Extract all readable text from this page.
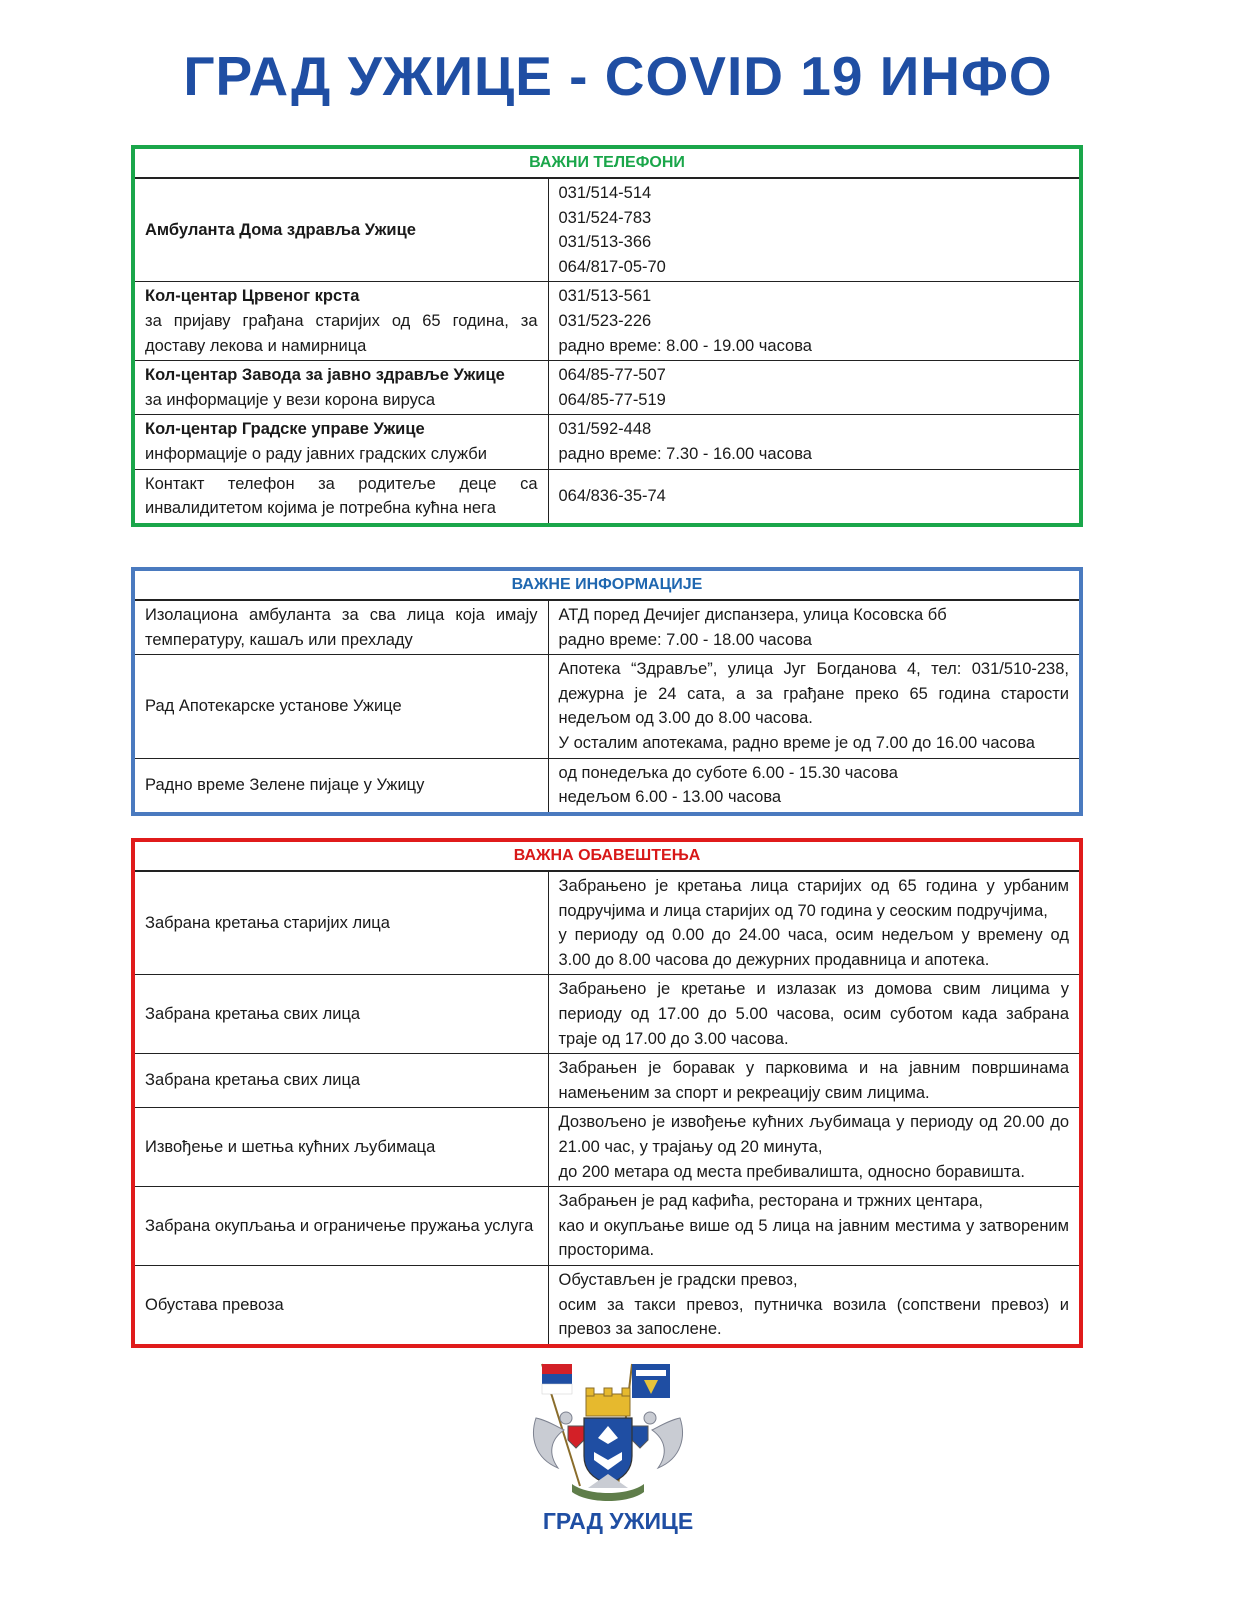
ГРАД УЖИЦЕ - COVID 19 ИНФО
ВАЖНИ ТЕЛЕФОНИ	
Амбуланта Дома здравља Ужице	031/514-514
031/524-783
031/513-366
064/817-05-70

Кол-центар Црвеног крста
за пријаву грађана старијих од 65 година, за доставу лекова и намирница	031/513-561
031/523-226
радно време: 8.00 - 19.00 часова

Кол-центар Завода за јавно здравље Ужице
за информације у вези корона вируса	064/85-77-507
064/85-77-519

Кол-центар Градске управе Ужице
информације о раду јавних градских служби	031/592-448
радно време: 7.30 - 16.00 часова

Контакт телефон за родитеље деце са инвалидитетом којима је потребна кућна нега	064/836-35-74
ВАЖНЕ ИНФОРМАЦИЈЕ	
Изолациона амбуланта за сва лица која имају температуру, кашаљ или прехладу	АТД поред Дечијег диспанзера, улица Косовска бб
радно време: 7.00 - 18.00 часова

Рад Апотекарске установе Ужице	Апотека “Здравље”, улица Југ Богданова 4, тел: 031/510-238, дежурна је 24 сата, а за грађане преко 65 година старости недељом од 3.00 до 8.00 часова.
У осталим апотекама, радно време је од 7.00 до 16.00 часова

Радно време Зелене пијаце у Ужицу	од понедељка до суботе 6.00 - 15.30 часова
недељом 6.00 - 13.00 часова
ВАЖНА ОБАВЕШТЕЊА	
Забрана кретања старијих лица	Забрањено је кретања лица старијих од 65 година у урбаним подручјима и лица старијих од 70 година у сеоским подручјима,
у периоду од 0.00 до 24.00 часа, осим недељом у времену од 3.00 до 8.00 часова до дежурних продавница и апотека.

Забрана кретања свих лица	Забрањено је кретање и излазак из домова свим лицима у периоду од 17.00 до 5.00 часова, осим суботом када забрана траје од 17.00 до 3.00 часова.

Забрана кретања свих лица	Забрањен је боравак у парковима и на јавним површинама намењеним за спорт и рекреацију свим лицима.

Извођење и шетња кућних љубимаца	Дозвољено је извођење кућних љубимаца у периоду од 20.00 до 21.00 час, у трајању од 20 минута,
до 200 метара од места пребивалишта, односно боравишта.

Забрана окупљања и ограничење пружања услуга	Забрањен је рад кафића, ресторана и тржних центара,
као и окупљање више од 5 лица на јавним местима у затвореним просторима.

Обустава превоза	Обустављен је градски превоз,
осим за такси превоз, путничка возила (сопствени превоз) и превоз за запослене.
ГРАД УЖИЦЕ
